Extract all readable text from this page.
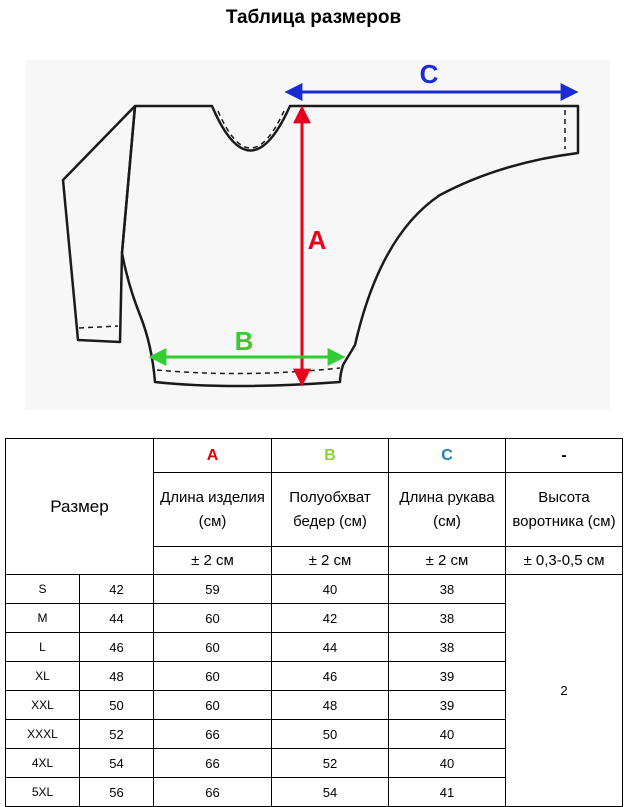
Таблица размеров
C
A
B
Размер		A	B	C	-
		Длина изделия (см)	Полуобхват бедер (см)	Длина рукава (см)	Высота воротника (см)
		± 2 см	± 2 см	± 2 см	± 0,3-0,5 см
S	42	59	40	38	2
M	44	60	42	38	
L	46	60	44	38	
XL	48	60	46	39	
XXL	50	60	48	39	
XXXL	52	66	50	40	
4XL	54	66	52	40	
5XL	56	66	54	41	
